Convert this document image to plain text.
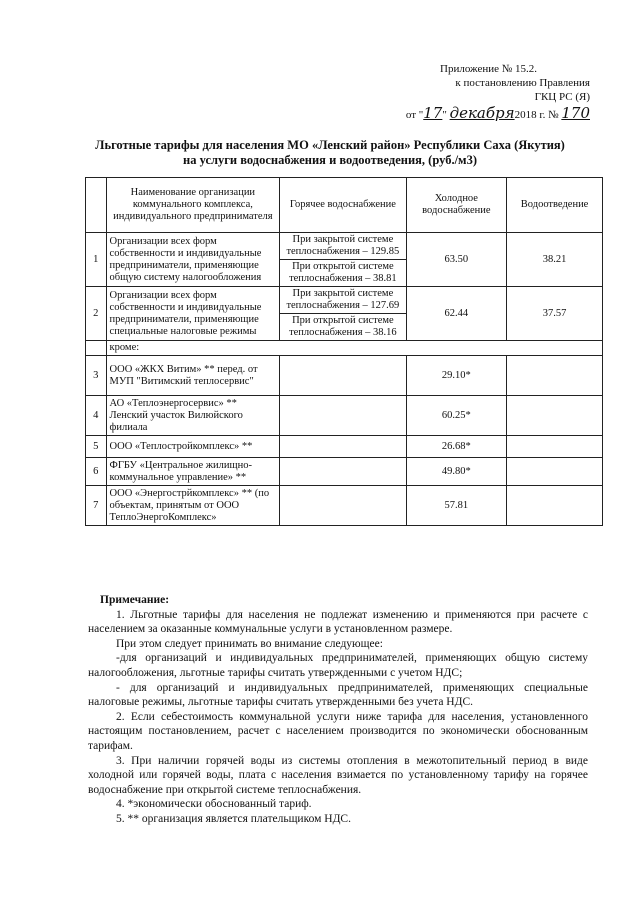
Приложение № 15.2.
к постановлению Правления
ГКЦ РС (Я)
от "17" декабря2018 г. № 170
Льготные тарифы для населения МО «Ленский район» Республики Саха (Якутия)
на услуги водоснабжения и водоотведения, (руб./м3)
	Наименование организации коммунального комплекса, индивидуального предпринимателя	Горячее водоснабжение	Холодное водоснабжение	Водоотведение
1	Организации всех форм собственности и индивидуальные предприниматели, применяющие общую систему налогообложения	При закрытой системе теплоснабжения – 129.85	63.50	38.21
		При открытой системе теплоснабжения – 38.81		
2	Организации всех форм собственности и индивидуальные предприниматели, применяющие специальные налоговые режимы	При закрытой системе теплоснабжения – 127.69	62.44	37.57
		При открытой системе теплоснабжения – 38.16		
	кроме:			
3	ООО «ЖКХ Витим» ** перед. от МУП "Витимский теплосервис"		29.10*	
4	АО «Теплоэнергосервис» ** Ленский участок Вилюйского филиала		60.25*	
5	ООО «Теплостройкомплекс» **		26.68*	
6	ФГБУ «Центральное жилищно-коммунальное управление» **		49.80*	
7	ООО «Энергострйкомплекс» ** (по объектам, принятым от ООО ТеплоЭнергоКомплекс»		57.81	

Примечание:

1. Льготные тарифы для населения не подлежат изменению и применяются при расчете с населением за оказанные коммунальные услуги в установленном размере.

При этом следует принимать во внимание следующее:

-для организаций и индивидуальных предпринимателей, применяющих общую систему налогообложения, льготные тарифы считать утвержденными с учетом НДС;

- для организаций и индивидуальных предпринимателей, применяющих специальные налоговые режимы, льготные тарифы считать утвержденными без учета НДС.

2. Если себестоимость коммунальной услуги ниже тарифа для населения, установленного настоящим постановлением, расчет с населением производится по экономически обоснованным тарифам.

3. При наличии горячей воды из системы отопления в межотопительный период в виде холодной или горячей воды, плата с населения взимается по установленному тарифу на горячее водоснабжение при открытой системе теплоснабжения.

4. *экономически обоснованный тариф.

5. ** организация является плательщиком НДС.
